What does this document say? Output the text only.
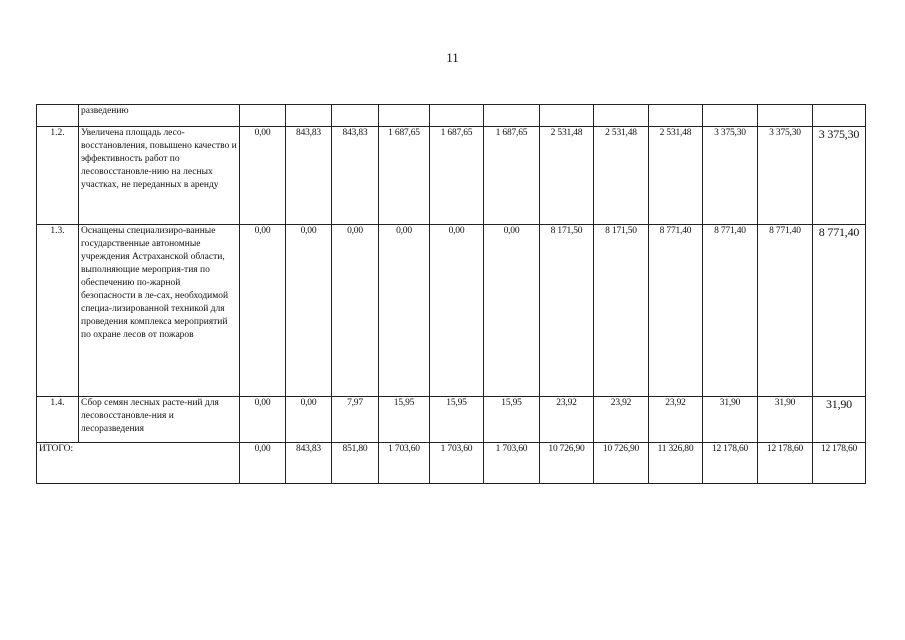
11
	разведению												
1.2.	Увеличена площадь лесо-восстановления, повышено качество и эффективность работ по лесовосстановле-нию на лесных участках, не переданных в аренду	0,00	843,83	843,83	1 687,65	1 687,65	1 687,65	2 531,48	2 531,48	2 531,48	3 375,30	3 375,30	3 375,30
1.3.	Оснащены специализиро-ванные государственные автономные учреждения Астраханской области, выполняющие мероприя-тия по обеспечению по-жарной безопасности в ле-сах, необходимой специа-лизированной техникой для проведения комплекса мероприятий по охране лесов от пожаров	0,00	0,00	0,00	0,00	0,00	0,00	8 171,50	8 171,50	8 771,40	8 771,40	8 771,40	8 771,40
1.4.	Сбор семян лесных расте-ний для лесовосстановле-ния и лесоразведения	0,00	0,00	7,97	15,95	15,95	15,95	23,92	23,92	23,92	31,90	31,90	31,90
ИТОГО:		0,00	843,83	851,80	1 703,60	1 703,60	1 703,60	10 726,90	10 726,90	11 326,80	12 178,60	12 178,60	12 178,60
